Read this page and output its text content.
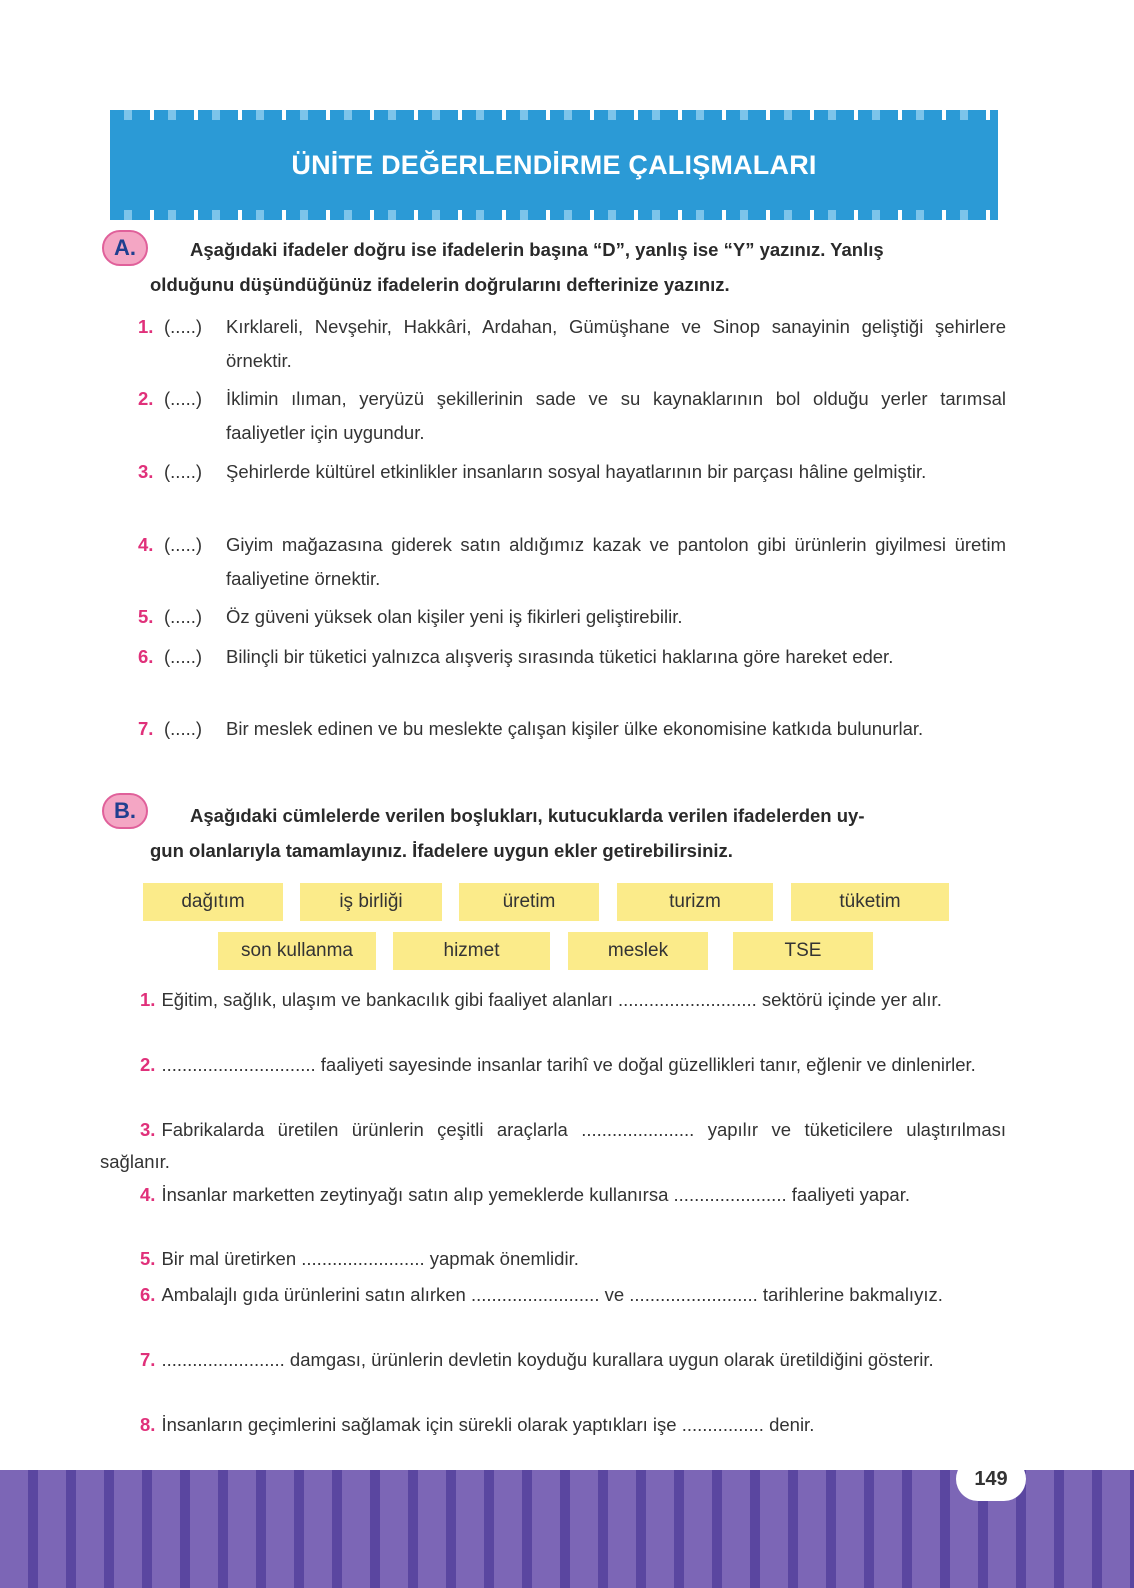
ÜNİTE DEĞERLENDİRME ÇALIŞMALARI
A.	Aşağıdaki ifadeler doğru ise ifadelerin başına “D”, yanlış ise “Y” yazınız. Yanlış
olduğunu düşündüğünüz ifadelerin doğrularını defterinize yazınız.
1. (.....)	Kırklareli, Nevşehir, Hakkâri, Ardahan, Gümüşhane ve Sinop sanayinin geliştiği şehirlere örnektir.
2. (.....)	İklimin ılıman, yeryüzü şekillerinin sade ve su kaynaklarının bol olduğu yerler tarımsal faaliyetler için uygundur.
3. (.....)	Şehirlerde kültürel etkinlikler insanların sosyal hayatlarının bir parçası hâline gelmiştir.
4. (.....)	Giyim mağazasına giderek satın aldığımız kazak ve pantolon gibi ürünlerin giyilmesi üretim faaliyetine örnektir.
5. (.....)	Öz güveni yüksek olan kişiler yeni iş fikirleri geliştirebilir.
6. (.....)	Bilinçli bir tüketici yalnızca alışveriş sırasında tüketici haklarına göre hareket eder.
7. (.....)	Bir meslek edinen ve bu meslekte çalışan kişiler ülke ekonomisine katkıda bulunurlar.
B.	Aşağıdaki cümlelerde verilen boşlukları, kutucuklarda verilen ifadelerden uy-
gun olanlarıyla tamamlayınız. İfadelere uygun ekler getirebilirsiniz.
dağıtım	iş birliği	üretim	turizm	tüketim
son kullanma	hizmet	meslek	TSE
1. Eğitim, sağlık, ulaşım ve bankacılık gibi faaliyet alanları ........................... sektörü içinde yer alır.
2. .............................. faaliyeti sayesinde insanlar tarihî ve doğal güzellikleri tanır, eğlenir ve dinlenirler.
3. Fabrikalarda üretilen ürünlerin çeşitli araçlarla ...................... yapılır ve tüketicilere ulaştırılması sağlanır.
4. İnsanlar marketten zeytinyağı satın alıp yemeklerde kullanırsa ...................... faaliyeti yapar.
5. Bir mal üretirken ........................ yapmak önemlidir.
6. Ambalajlı gıda ürünlerini satın alırken ......................... ve ......................... tarihlerine bakmalıyız.
7. ........................ damgası, ürünlerin devletin koyduğu kurallara uygun olarak üretildiğini gösterir.
8. İnsanların geçimlerini sağlamak için sürekli olarak yaptıkları işe ................ denir.
149
